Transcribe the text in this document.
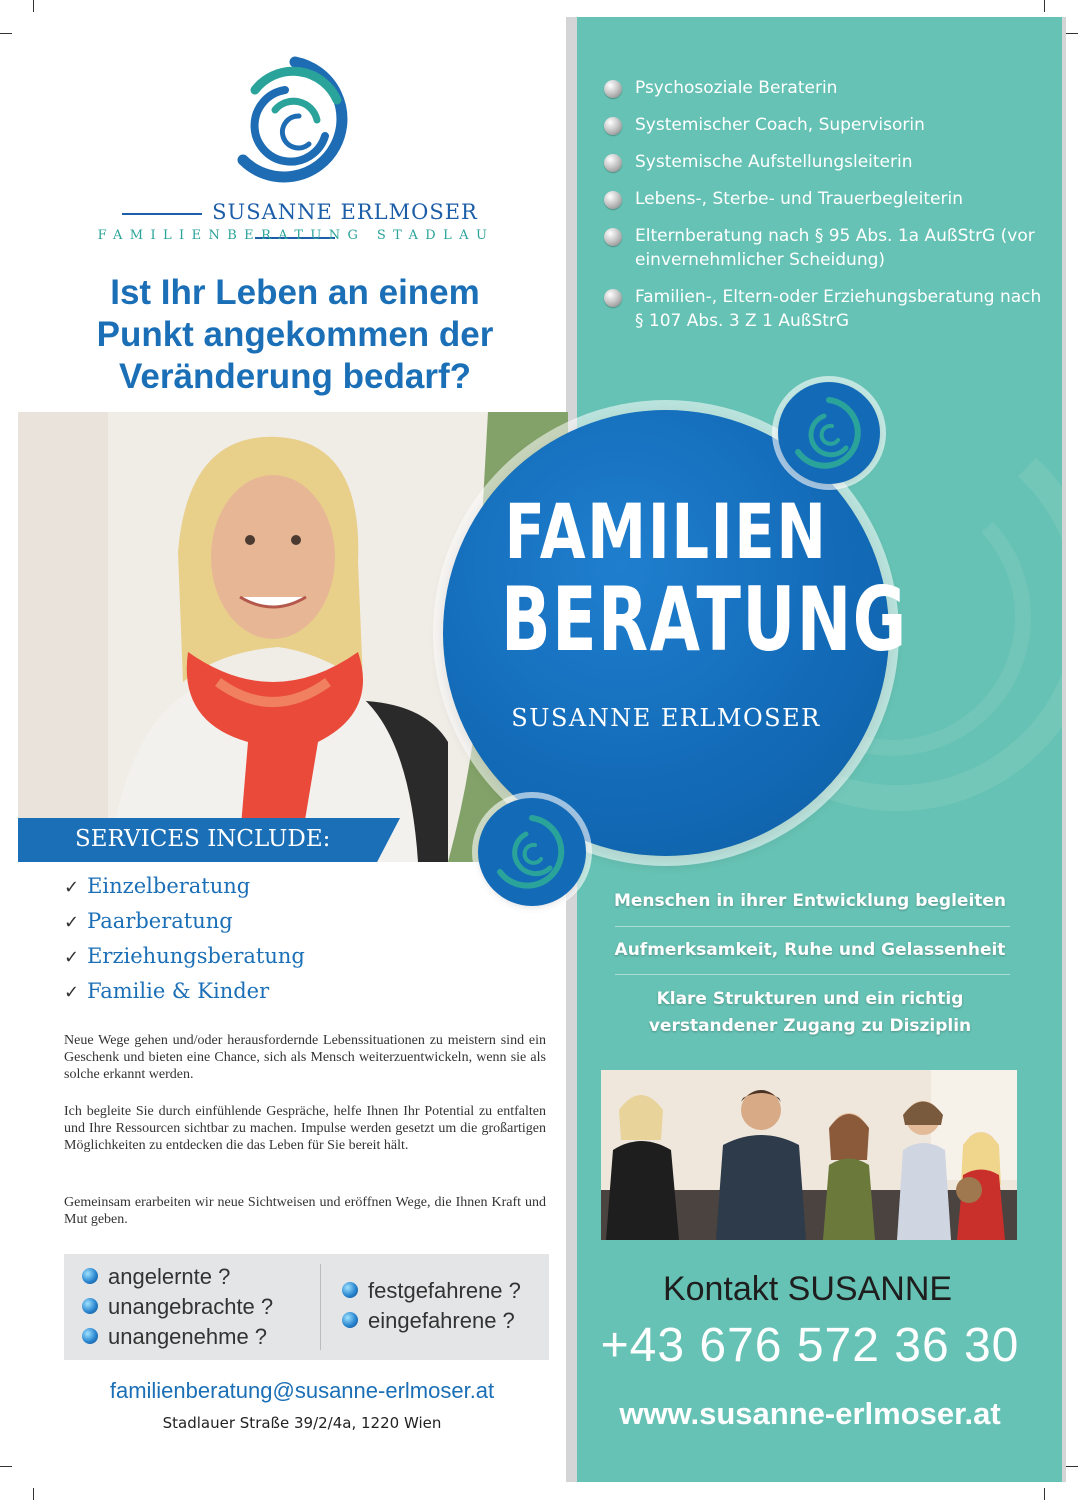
Psychosoziale Beraterin
Systemischer Coach, Supervisorin
Systemische Aufstellungsleiterin
Lebens-, Sterbe- und Trauerbegleiterin
Elternberatung nach § 95 Abs. 1a AußStrG (vor einvernehmlicher Scheidung)
Familien-, Eltern-oder Erziehungsberatung nach § 107 Abs. 3 Z 1 AußStrG
Menschen in ihrer Entwicklung begleiten
Aufmerksamkeit, Ruhe und Gelassenheit
Klare Strukturen und ein richtig verstandener Zugang zu Disziplin
Kontakt SUSANNE
+43 676 572 36 30
www.susanne-erlmoser.at
SUSANNE ERLMOSER
FAMILIENBERATUNG STADLAU
Ist Ihr Leben an einem Punkt angekommen der Veränderung bedarf?
SERVICES INCLUDE:
FAMILIEN
BERATUNG
SUSANNE ERLMOSER
✓ Einzelberatung
✓ Paarberatung
✓ Erziehungsberatung
✓ Familie & Kinder

Neue Wege gehen und/oder herausfordernde Lebenssituationen zu meistern sind ein Geschenk und bieten eine Chance, sich als Mensch weiterzuentwickeln, wenn sie als solche erkannt werden.

Ich begleite Sie durch einfühlende Gespräche, helfe Ihnen Ihr Potential zu entfalten und Ihre Ressourcen sichtbar zu machen. Impulse werden gesetzt um die großartigen Möglichkeiten zu entdecken die das Leben für Sie bereit hält.

Gemeinsam erarbeiten wir neue Sichtweisen und eröffnen Wege, die Ihnen Kraft und Mut geben.

angelernte ?
unangebrachte ?
unangenehme ?
festgefahrene ?
eingefahrene ?
familienberatung@susanne-erlmoser.at
Stadlauer Straße 39/2/4a, 1220 Wien
